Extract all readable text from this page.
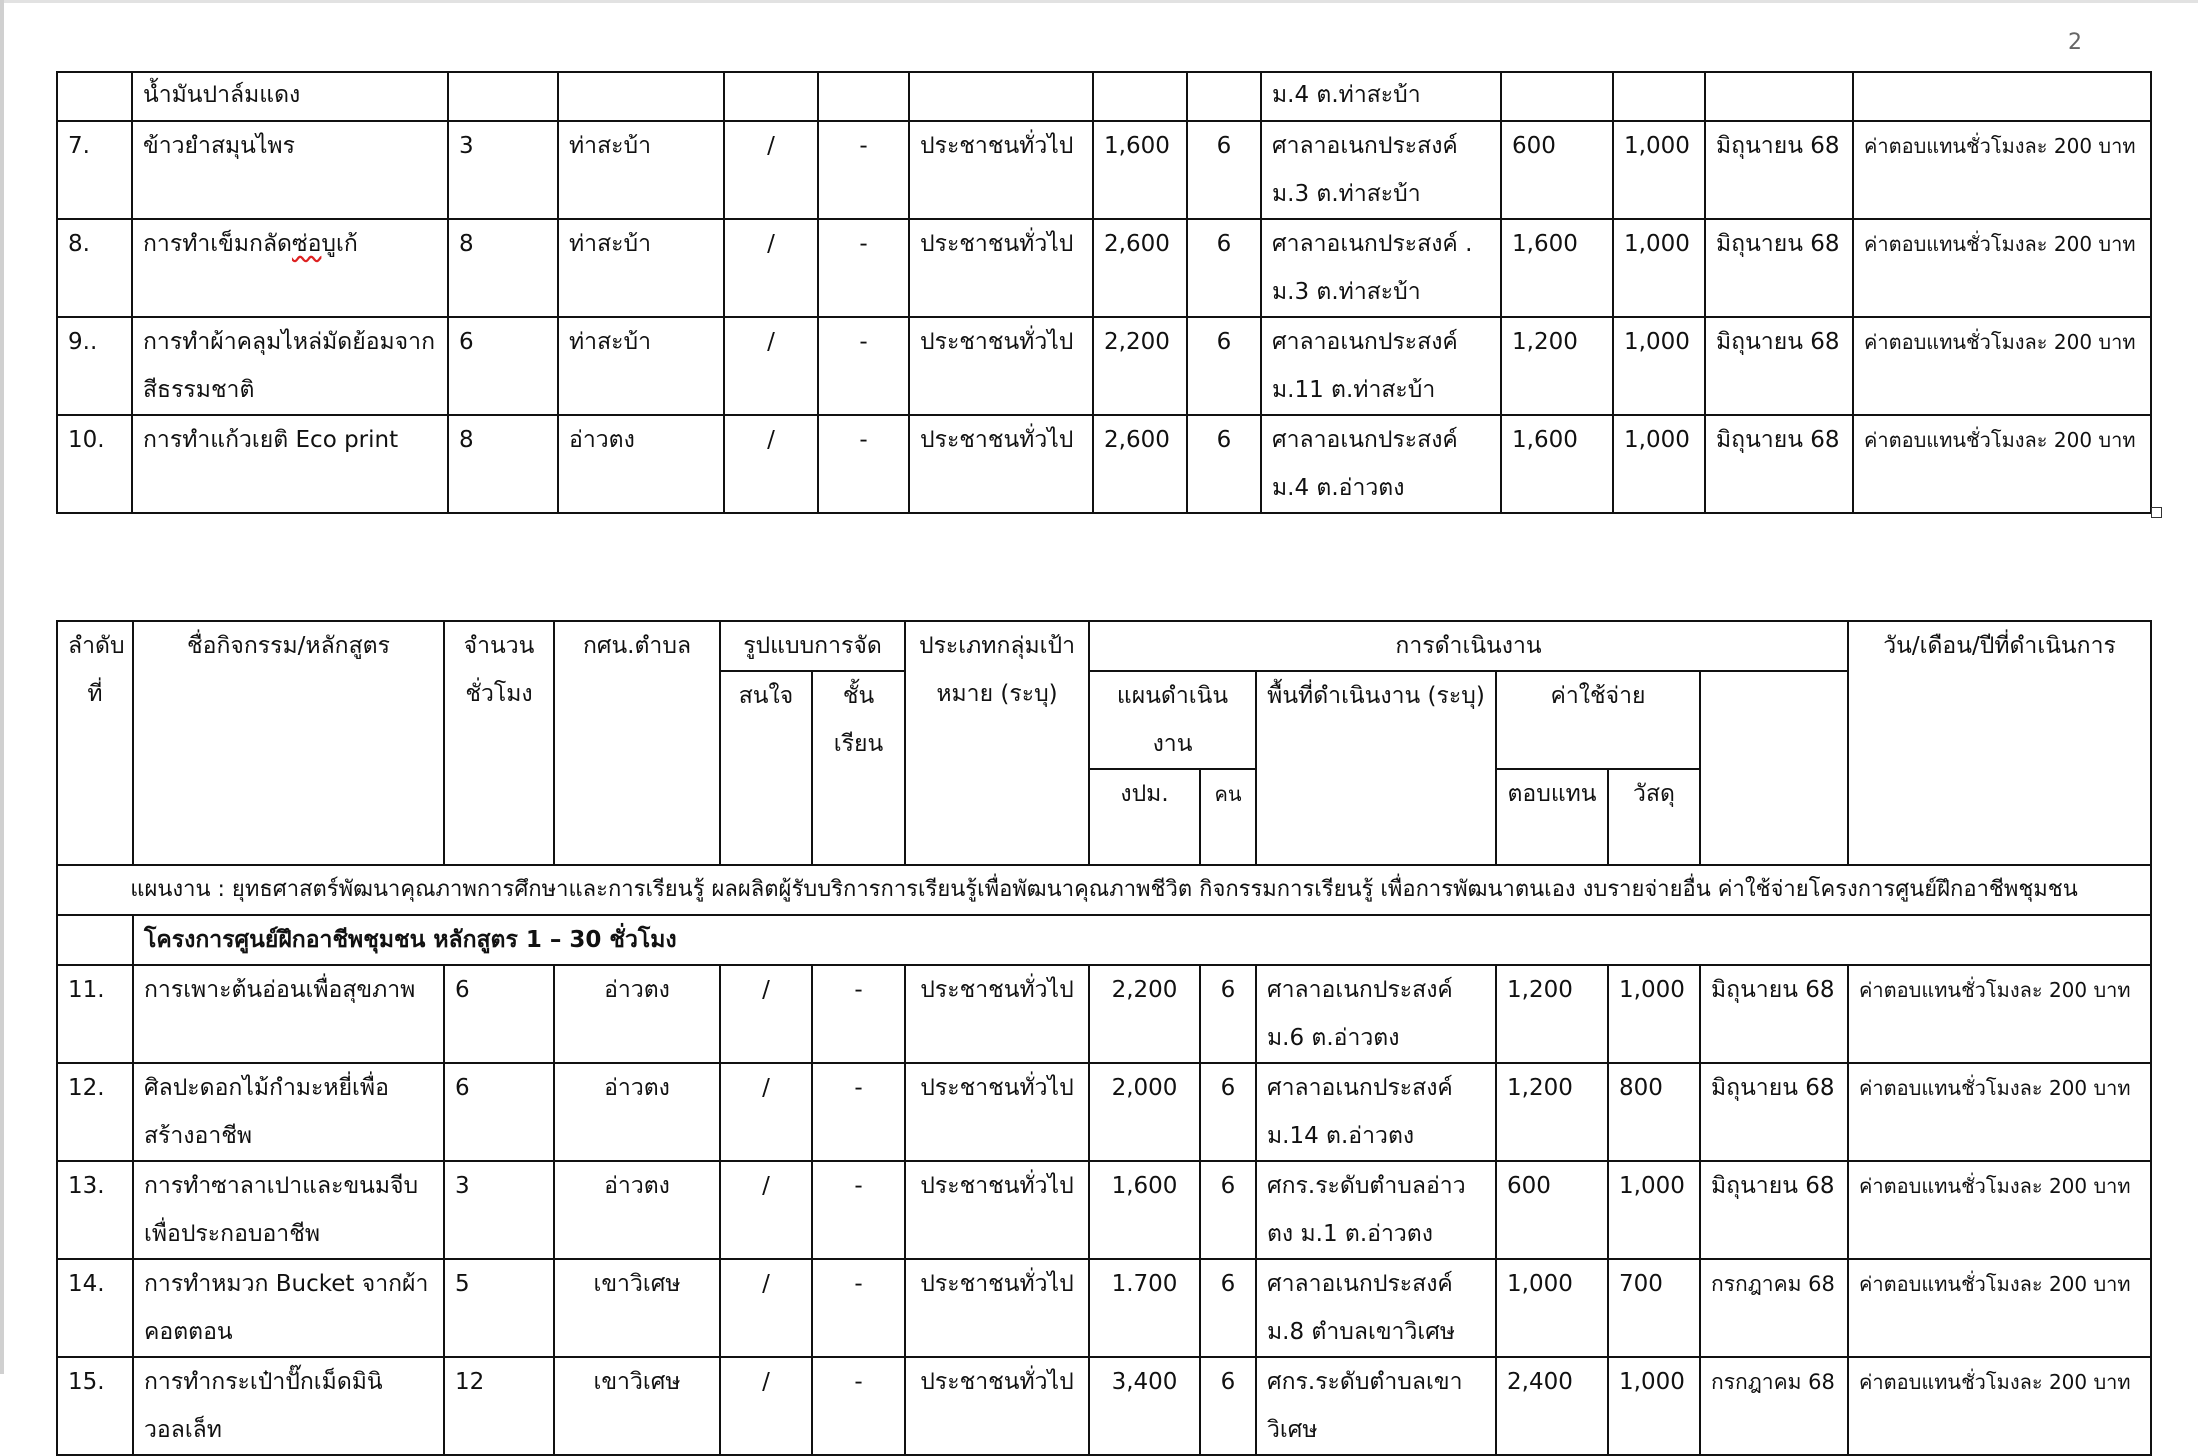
2
	น้ำมันปาล์มแดง								ม.4 ต.ท่าสะบ้า				
7.	ข้าวยำสมุนไพร	3	ท่าสะบ้า	/	-	ประชาชนทั่วไป	1,600	6	ศาลาอเนกประสงค์ ม.3 ต.ท่าสะบ้า	600	1,000	มิถุนายน 68	ค่าตอบแทนชั่วโมงละ 200 บาท
8.	การทำเข็มกลัดซ่อบูเก้	8	ท่าสะบ้า	/	-	ประชาชนทั่วไป	2,600	6	ศาลาอเนกประสงค์ . ม.3 ต.ท่าสะบ้า	1,600	1,000	มิถุนายน 68	ค่าตอบแทนชั่วโมงละ 200 บาท
9..	การทำผ้าคลุมไหล่มัดย้อมจากสีธรรมชาติ	6	ท่าสะบ้า	/	-	ประชาชนทั่วไป	2,200	6	ศาลาอเนกประสงค์ ม.11 ต.ท่าสะบ้า	1,200	1,000	มิถุนายน 68	ค่าตอบแทนชั่วโมงละ 200 บาท
10.	การทำแก้วเยติ Eco print	8	อ่าวตง	/	-	ประชาชนทั่วไป	2,600	6	ศาลาอเนกประสงค์ ม.4 ต.อ่าวตง	1,600	1,000	มิถุนายน 68	ค่าตอบแทนชั่วโมงละ 200 บาท
ลำดับที่	ชื่อกิจกรรม/หลักสูตร	จำนวนชั่วโมง	กศน.ตำบล	รูปแบบการจัด		ประเภทกลุ่มเป้าหมาย (ระบุ)	การดำเนินงาน						วัน/เดือน/ปีที่ดำเนินการ	
				สนใจ	ชั้นเรียน		แผนดำเนินงาน		พื้นที่ดำเนินงาน (ระบุ)	ค่าใช้จ่าย				

							งปม.	คน		ตอบแทน	วัสดุ			
แผนงาน : ยุทธศาสตร์พัฒนาคุณภาพการศึกษาและการเรียนรู้ ผลผลิตผู้รับบริการการเรียนรู้เพื่อพัฒนาคุณภาพชีวิต กิจกรรมการเรียนรู้ เพื่อการพัฒนาตนเอง งบรายจ่ายอื่น ค่าใช้จ่ายโครงการศูนย์ฝึกอาชีพชุมชน														
	โครงการศูนย์ฝึกอาชีพชุมชน หลักสูตร 1 – 30 ชั่วโมง													
11.	การเพาะต้นอ่อนเพื่อสุขภาพ	6	อ่าวตง	/	-	ประชาชนทั่วไป	2,200	6	ศาลาอเนกประสงค์ ม.6 ต.อ่าวตง	1,200	1,000	มิถุนายน 68	ค่าตอบแทนชั่วโมงละ 200 บาท	
12.	ศิลปะดอกไม้กำมะหยี่เพื่อสร้างอาชีพ	6	อ่าวตง	/	-	ประชาชนทั่วไป	2,000	6	ศาลาอเนกประสงค์ ม.14 ต.อ่าวตง	1,200	800	มิถุนายน 68	ค่าตอบแทนชั่วโมงละ 200 บาท	
13.	การทำซาลาเปาและขนมจีบเพื่อประกอบอาชีพ	3	อ่าวตง	/	-	ประชาชนทั่วไป	1,600	6	ศกร.ระดับตำบลอ่าวตง ม.1 ต.อ่าวตง	600	1,000	มิถุนายน 68	ค่าตอบแทนชั่วโมงละ 200 บาท	
14.	การทำหมวก Bucket จากผ้าคอตตอน	5	เขาวิเศษ	/	-	ประชาชนทั่วไป	1.700	6	ศาลาอเนกประสงค์ ม.8 ตำบลเขาวิเศษ	1,000	700	กรกฎาคม 68	ค่าตอบแทนชั่วโมงละ 200 บาท	
15.	การทำกระเป๋าปั๊กเม็ดมินิวอลเล็ท	12	เขาวิเศษ	/	-	ประชาชนทั่วไป	3,400	6	ศกร.ระดับตำบลเขาวิเศษ	2,400	1,000	กรกฎาคม 68	ค่าตอบแทนชั่วโมงละ 200 บาท	
